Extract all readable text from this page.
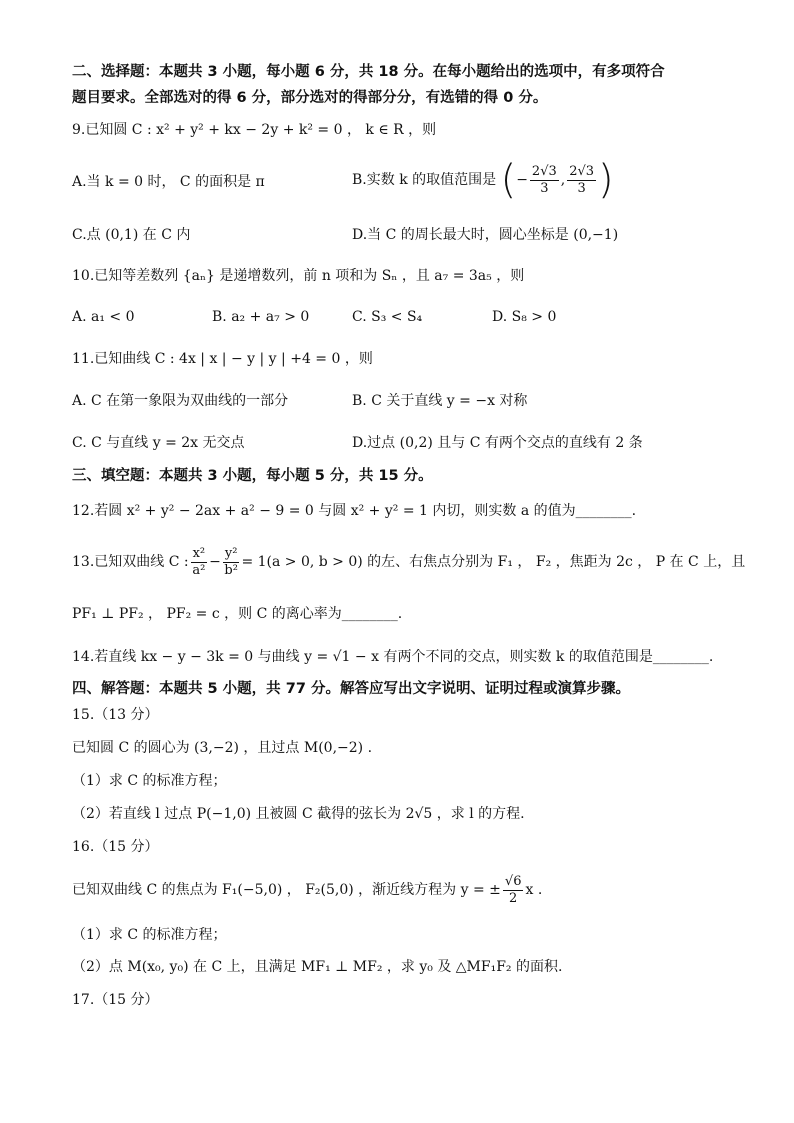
二、选择题：本题共 3 小题，每小题 6 分，共 18 分。在每小题给出的选项中，有多项符合
题目要求。全部选对的得 6 分，部分选对的得部分分，有选错的得 0 分。
9.已知圆 C : x² + y² + kx − 2y + k² = 0 ， k ∈ R ，则
A.当 k = 0 时， C 的面积是 π	B.实数 k 的取值范围是 (− $\frac{2√3}{3}$ , $\frac{2√3}{3}$ )
C.点 (0,1) 在 C 内	D.当 C 的周长最大时，圆心坐标是 (0,−1)
10.已知等差数列 {aₙ} 是递增数列，前 n 项和为 Sₙ ，且 a₇ = 3a₅ ，则
A. a₁ < 0	B. a₂ + a₇ > 0	C. S₃ < S₄	D. S₈ > 0
11.已知曲线 C : 4x | x | − y | y | +4 = 0 ，则
A. C 在第一象限为双曲线的一部分	B. C 关于直线 y = −x 对称
C. C 与直线 y = 2x 无交点	D.过点 (0,2) 且与 C 有两个交点的直线有 2 条
三、填空题：本题共 3 小题，每小题 5 分，共 15 分。
12.若圆 x² + y² − 2ax + a² − 9 = 0 与圆 x² + y² = 1 内切，则实数 a 的值为________.
13.已知双曲线 C : $\frac{\text{x²}}{\text{a²}} - \frac{\text{y²}}{\text{b²}} = 1(a > 0$, b > 0) 的左、右焦点分别为 F₁ ， F₂ ，焦距为 2c ， P 在 C 上，且
PF₁ ⊥ PF₂ ， PF₂ = c ，则 C 的离心率为________.
14.若直线 kx − y − 3k = 0 与曲线 y = √1 − x 有两个不同的交点，则实数 k 的取值范围是________.
四、解答题：本题共 5 小题，共 77 分。解答应写出文字说明、证明过程或演算步骤。
15.（13 分）
已知圆 C 的圆心为 (3,−2) ，且过点 M(0,−2) .
（1）求 C 的标准方程；
（2）若直线 l 过点 P(−1,0) 且被圆 C 截得的弦长为 2√5 ，求 l 的方程.
16.（15 分）
已知双曲线 C 的焦点为 F₁(−5,0) ， F₂(5,0) ，渐近线方程为 y = ± $\frac{√6}{2}$ x .
（1）求 C 的标准方程；
（2）点 M(x₀, y₀) 在 C 上，且满足 MF₁ ⊥ MF₂ ，求 y₀ 及 △MF₁F₂ 的面积.
17.（15 分）
